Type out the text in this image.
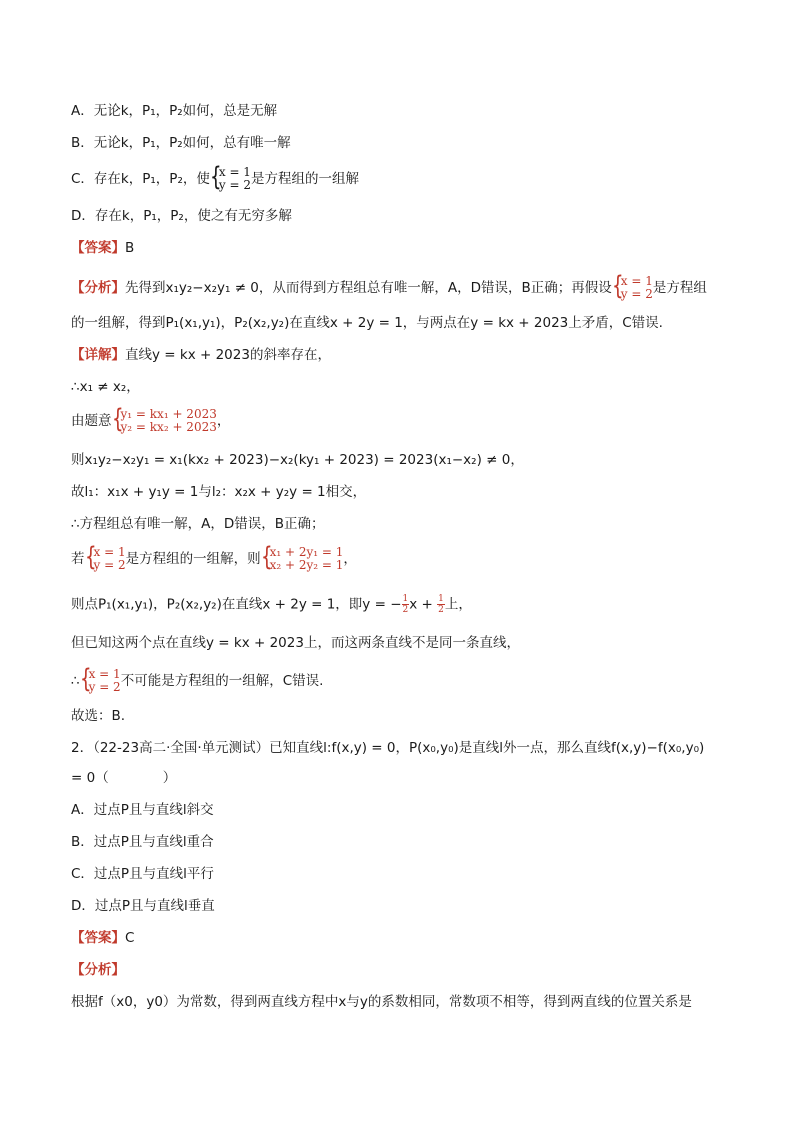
A．无论k，P₁，P₂如何，总是无解
B．无论k，P₁，P₂如何，总有唯一解
C．存在k，P₁，P₂，使 { x = 1
y = 2 是方程组的一组解
D．存在k，P₁，P₂，使之有无穷多解
【答案】B
【分析】先得到x₁y₂−x₂y₁ ≠ 0，从而得到方程组总有唯一解，A，D错误，B正确；再假设 { x = 1
y = 2 是方程组
的一组解，得到P₁(x₁,y₁)，P₂(x₂,y₂)在直线x + 2y = 1，与两点在y = kx + 2023上矛盾，C错误.
【详解】直线y = kx + 2023的斜率存在，
∴x₁ ≠ x₂，
由题意 { y₁ = kx₁ + 2023
y₂ = kx₂ + 2023 ，
则x₁y₂−x₂y₁ = x₁(kx₂ + 2023)−x₂(ky₁ + 2023) = 2023(x₁−x₂) ≠ 0，
故l₁：x₁x + y₁y = 1与l₂：x₂x + y₂y = 1相交，
∴方程组总有唯一解，A，D错误，B正确；
若 { x = 1
y = 2 是方程组的一组解，则 { x₁ + 2y₁ = 1
x₂ + 2y₂ = 1 ，
则点P₁(x₁,y₁)，P₂(x₂,y₂)在直线x + 2y = 1，即y = − $\frac{1}{2}$ $x + \frac{1}{2}$ 上，
但已知这两个点在直线y = kx + 2023上，而这两条直线不是同一条直线，
∴ { x = 1
y = 2 不可能是方程组的一组解，C错误.
故选：B.
2．（22-23高二·全国·单元测试）已知直线l:f(x,y) = 0，P(x₀,y₀)是直线l外一点，那么直线f(x,y)−f(x₀,y₀)
= 0（　　　　）
A．过点P且与直线l斜交
B．过点P且与直线l重合
C．过点P且与直线l平行
D．过点P且与直线l垂直
【答案】C
【分析】
根据f（x0，y0）为常数，得到两直线方程中x与y的系数相同，常数项不相等，得到两直线的位置关系是
